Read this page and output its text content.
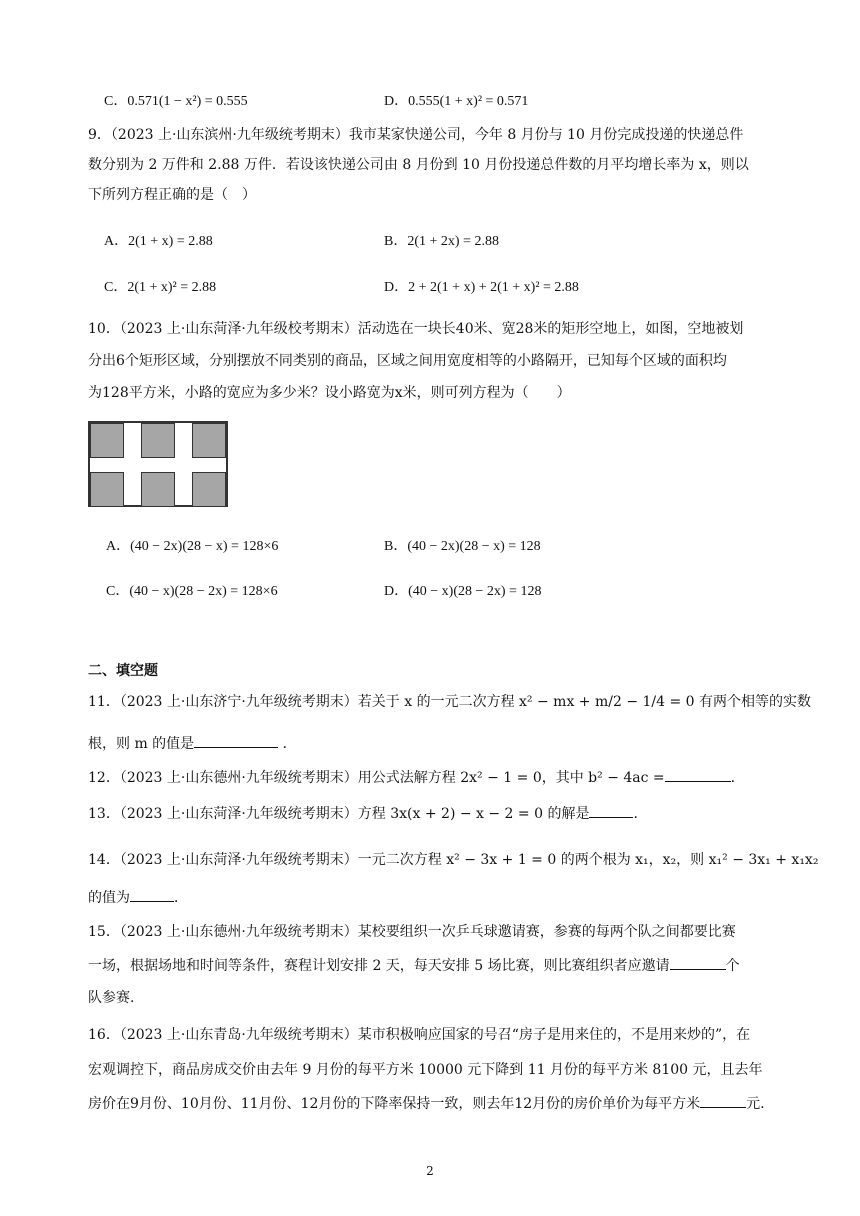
C．0.571(1 − x²) = 0.555	D．0.555(1 + x)² = 0.571
9．（2023 上·山东滨州·九年级统考期末）我市某家快递公司，今年 8 月份与 10 月份完成投递的快递总件
数分别为 2 万件和 2.88 万件．若设该快递公司由 8 月份到 10 月份投递总件数的月平均增长率为 x，则以
下所列方程正确的是（　）
A．2(1 + x) = 2.88	B．2(1 + 2x) = 2.88
C．2(1 + x)² = 2.88	D．2 + 2(1 + x) + 2(1 + x)² = 2.88
10．（2023 上·山东菏泽·九年级校考期末）活动选在一块长40米、宽28米的矩形空地上，如图，空地被划
分出6个矩形区域，分别摆放不同类别的商品，区域之间用宽度相等的小路隔开，已知每个区域的面积均
为128平方米，小路的宽应为多少米？设小路宽为x米，则可列方程为（　　）
A．(40 − 2x)(28 − x) = 128×6	B．(40 − 2x)(28 − x) = 128
C．(40 − x)(28 − 2x) = 128×6	D．(40 − x)(28 − 2x) = 128
二、填空题
11．（2023 上·山东济宁·九年级统考期末）若关于 x 的一元二次方程 x² − mx + m/2 − 1/4 = 0 有两个相等的实数
根，则 m 的值是	．
12．（2023 上·山东德州·九年级统考期末）用公式法解方程 2x² − 1 = 0，其中 b² − 4ac =	．
13．（2023 上·山东菏泽·九年级统考期末）方程 3x(x + 2) − x − 2 = 0 的解是	．
14．（2023 上·山东菏泽·九年级统考期末）一元二次方程 x² − 3x + 1 = 0 的两个根为 x₁，x₂，则 x₁² − 3x₁ + x₁x₂
的值为	．
15．（2023 上·山东德州·九年级统考期末）某校要组织一次乒乓球邀请赛，参赛的每两个队之间都要比赛
一场，根据场地和时间等条件，赛程计划安排 2 天，每天安排 5 场比赛，则比赛组织者应邀请	个
队参赛.
16．（2023 上·山东青岛·九年级统考期末）某市积极响应国家的号召“房子是用来住的，不是用来炒的”，在
宏观调控下，商品房成交价由去年 9 月份的每平方米 10000 元下降到 11 月份的每平方米 8100 元，且去年
房价在9月份、10月份、11月份、12月份的下降率保持一致，则去年12月份的房价单价为每平方米	元.
2
